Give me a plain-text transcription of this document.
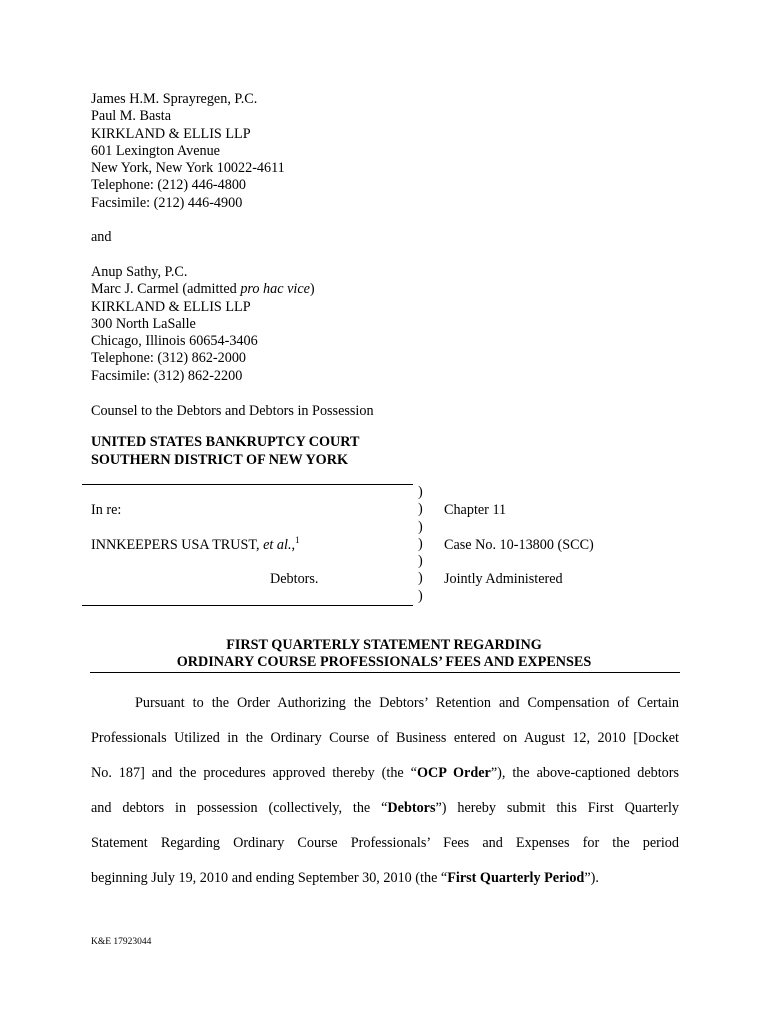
James H.M. Sprayregen, P.C.
Paul M. Basta
KIRKLAND & ELLIS LLP
601 Lexington Avenue
New York, New York 10022-4611
Telephone: (212) 446-4800
Facsimile: (212) 446-4900
and
Anup Sathy, P.C.
Marc J. Carmel (admitted pro hac vice)
KIRKLAND & ELLIS LLP
300 North LaSalle
Chicago, Illinois 60654-3406
Telephone: (312) 862-2000
Facsimile: (312) 862-2200
Counsel to the Debtors and Debtors in Possession
UNITED STATES BANKRUPTCY COURT
SOUTHERN DISTRICT OF NEW YORK
)
)
)
)
)
)
)
In re:
INNKEEPERS USA TRUST, et al.,$^1$
Debtors.
Chapter 11
Case No. 10-13800 (SCC)
Jointly Administered
FIRST QUARTERLY STATEMENT REGARDING
ORDINARY COURSE PROFESSIONALS’ FEES AND EXPENSES
Pursuant to the Order Authorizing the Debtors’ Retention and Compensation of Certain
Professionals Utilized in the Ordinary Course of Business entered on August 12, 2010 [Docket
No. 187] and the procedures approved thereby (the “OCP Order”), the above-captioned debtors
and debtors in possession (collectively, the “Debtors”) hereby submit this First Quarterly
Statement Regarding Ordinary Course Professionals’ Fees and Expenses for the period
beginning July 19, 2010 and ending September 30, 2010 (the “First Quarterly Period”).
K&E 17923044
